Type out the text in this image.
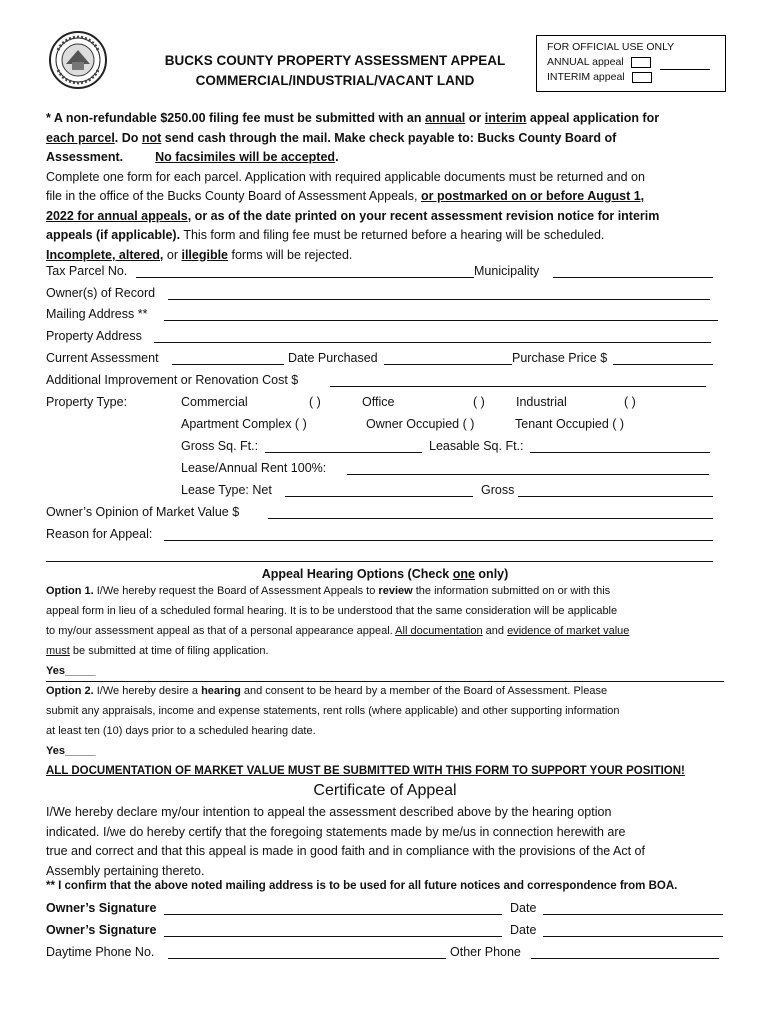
BUCKS COUNTY PROPERTY ASSESSMENT APPEAL
COMMERCIAL/INDUSTRIAL/VACANT LAND
FOR OFFICIAL USE ONLY
ANNUAL appeal
INTERIM appeal
* A non-refundable $250.00 filing fee must be submitted with an annual or interim appeal application for
each parcel. Do not send cash through the mail. Make check payable to: Bucks County Board of
Assessment.	No facsimiles will be accepted.
Complete one form for each parcel. Application with required applicable documents must be returned and on
file in the office of the Bucks County Board of Assessment Appeals, or postmarked on or before August 1,
2022 for annual appeals, or as of the date printed on your recent assessment revision notice for interim
appeals (if applicable). This form and filing fee must be returned before a hearing will be scheduled.
Incomplete, altered, or illegible forms will be rejected.
Tax Parcel No.	Municipality
Owner(s) of Record
Mailing Address **
Property Address
Current Assessment	Date Purchased	Purchase Price $
Additional Improvement or Renovation Cost $
Property Type:	Commercial	( )	Office	( ) Industrial	( )
Apartment Complex ( )	Owner Occupied ( )	Tenant Occupied ( )
Gross Sq. Ft.:	Leasable Sq. Ft.:
Lease/Annual Rent 100%:
Lease Type: Net	Gross
Owner’s Opinion of Market Value $
Reason for Appeal:
Appeal Hearing Options (Check one only)
Option 1. I/We hereby request the Board of Assessment Appeals to review the information submitted on or with this
appeal form in lieu of a scheduled formal hearing. It is to be understood that the same consideration will be applicable
to my/our assessment appeal as that of a personal appearance appeal. All documentation and evidence of market value
must be submitted at time of filing application.
Yes_____
Option 2. I/We hereby desire a hearing and consent to be heard by a member of the Board of Assessment. Please
submit any appraisals, income and expense statements, rent rolls (where applicable) and other supporting information
at least ten (10) days prior to a scheduled hearing date.
Yes_____
ALL DOCUMENTATION OF MARKET VALUE MUST BE SUBMITTED WITH THIS FORM TO SUPPORT YOUR POSITION!
Certificate of Appeal
I/We hereby declare my/our intention to appeal the assessment described above by the hearing option
indicated. I/we do hereby certify that the foregoing statements made by me/us in connection herewith are
true and correct and that this appeal is made in good faith and in compliance with the provisions of the Act of
Assembly pertaining thereto.
** I confirm that the above noted mailing address is to be used for all future notices and correspondence from BOA.
Owner’s Signature	Date
Owner’s Signature	Date
Daytime Phone No.	Other Phone
